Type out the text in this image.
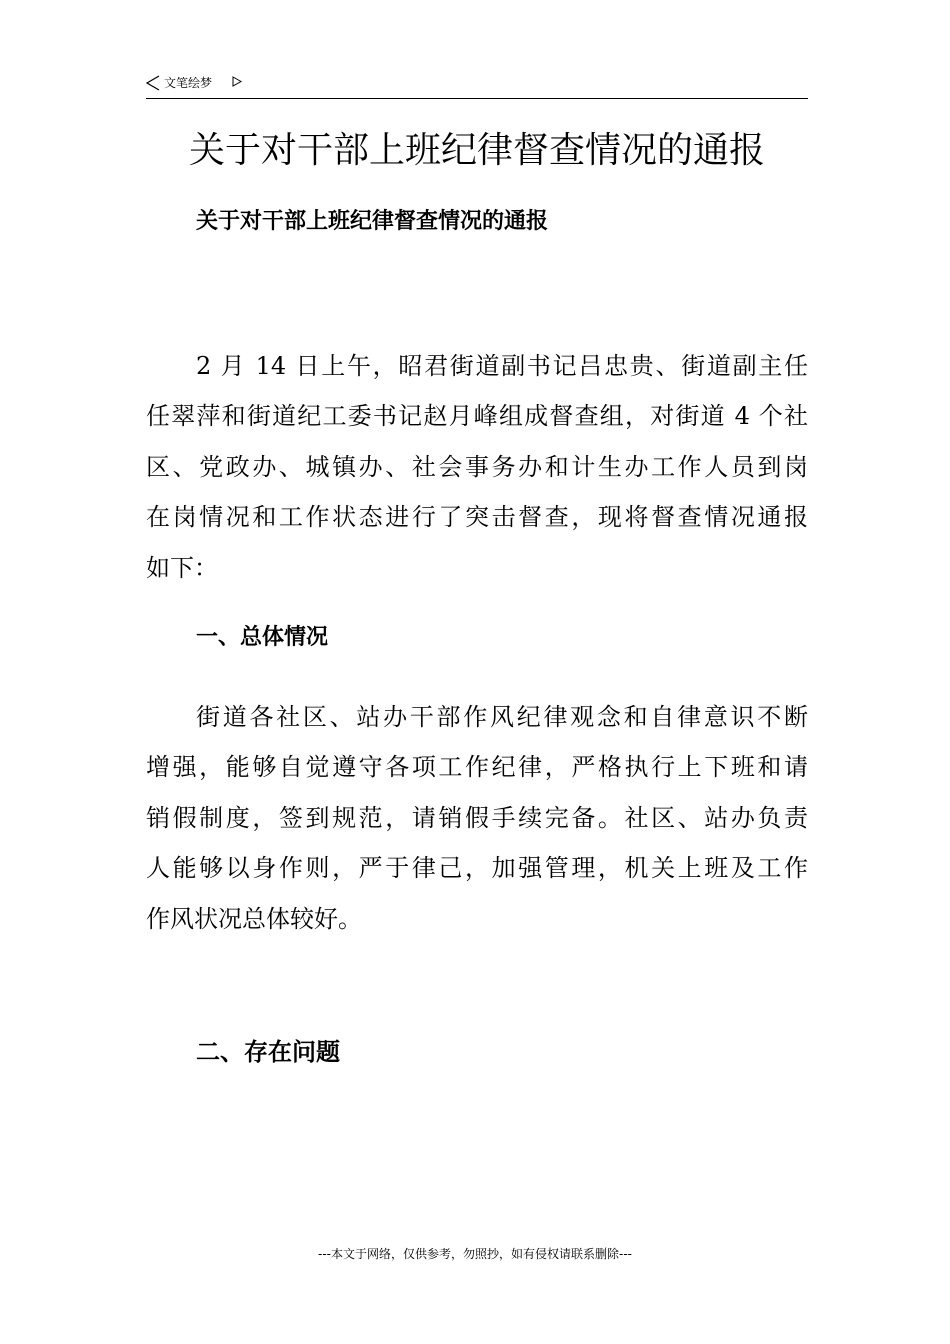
文笔绘梦
关于对干部上班纪律督查情况的通报
关于对干部上班纪律督查情况的通报
2 月 14 日上午，昭君街道副书记吕忠贵、街道副主任
任翠萍和街道纪工委书记赵月峰组成督查组，对街道 4 个社
区、党政办、城镇办、社会事务办和计生办工作人员到岗
在岗情况和工作状态进行了突击督查，现将督查情况通报
如下：
一、总体情况
街道各社区、站办干部作风纪律观念和自律意识不断
增强，能够自觉遵守各项工作纪律，严格执行上下班和请
销假制度，签到规范，请销假手续完备。社区、站办负责
人能够以身作则，严于律己，加强管理，机关上班及工作
作风状况总体较好。
二、存在问题
---本文于网络，仅供参考，勿照抄，如有侵权请联系删除---
